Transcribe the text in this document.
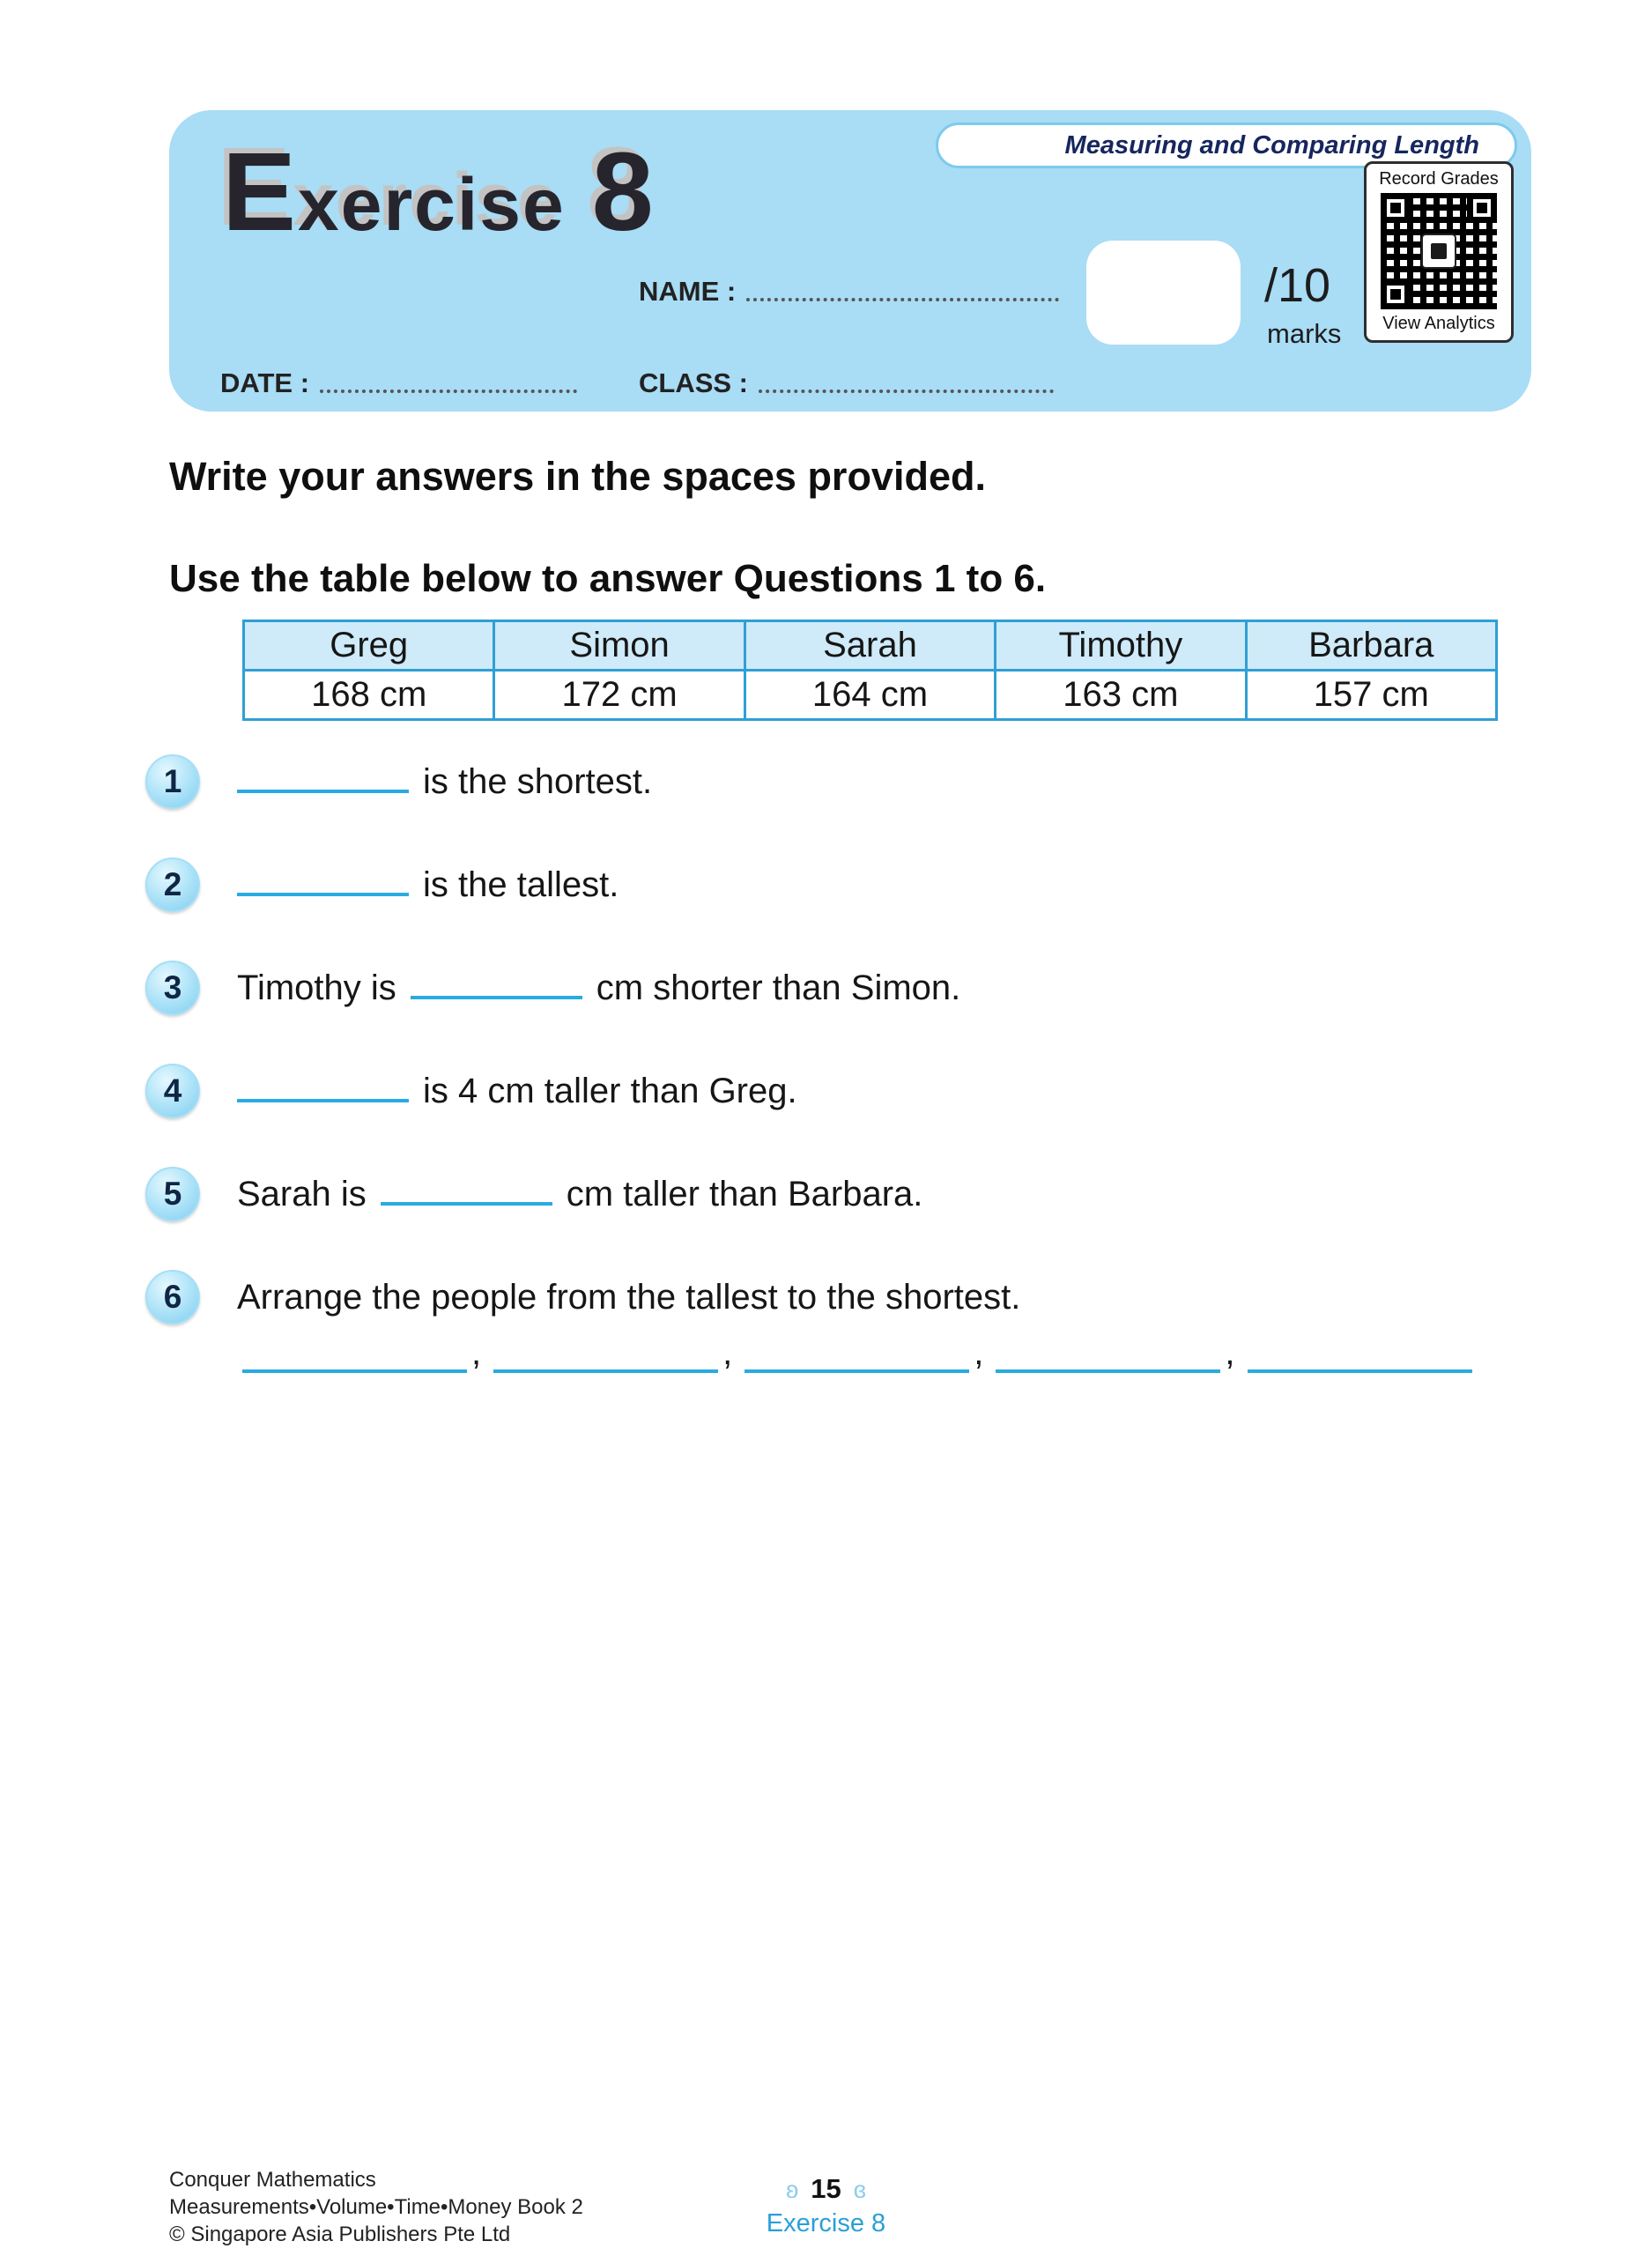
Measuring and Comparing Length
Exercise 8
NAME :	/10
marks
Record Grades
View Analytics
DATE :	CLASS :
Write your answers in the spaces provided.
Use the table below to answer Questions 1 to 6.
Greg	Simon	Sarah	Timothy	Barbara
168 cm	172 cm	164 cm	163 cm	157 cm
1	is the shortest.
2	is the tallest.
3	Timothy is	cm shorter than Simon.
4	is 4 cm taller than Greg.
5	Sarah is	cm taller than Barbara.
6	Arrange the people from the tallest to the shortest.
,	,	,	,
Conquer Mathematics
Measurements•Volume•Time•Money Book 2
© Singapore Asia Publishers Pte Ltd
ʚ 15 ɞ
Exercise 8
